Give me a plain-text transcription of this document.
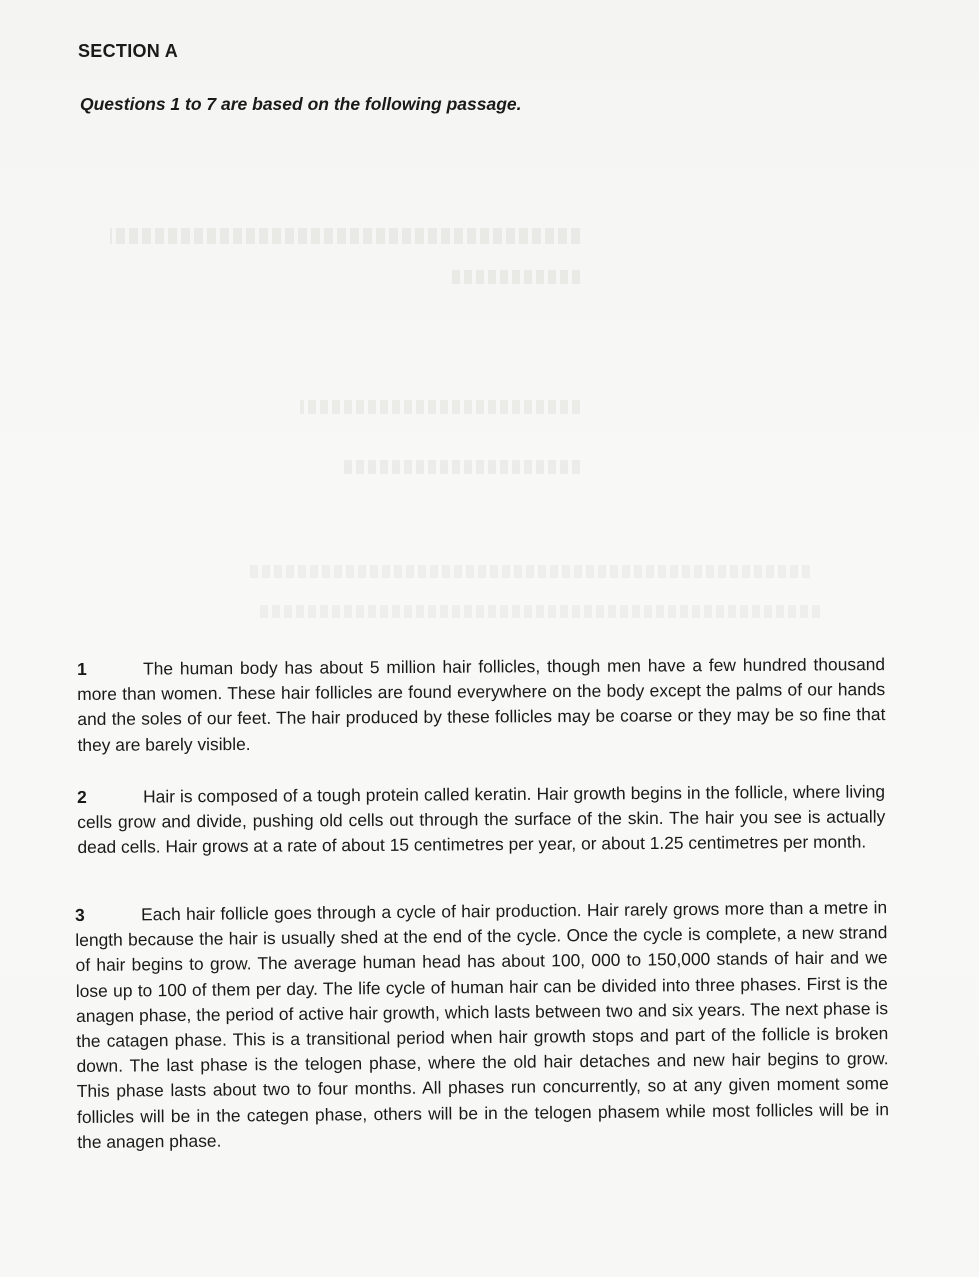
SECTION A
Questions 1 to 7 are based on the following passage.
1	The human body has about 5 million hair follicles, though men have a few hundred thousand more than women. These hair follicles are found everywhere on the body except the palms of our hands and the soles of our feet. The hair produced by these follicles may be coarse or they may be so fine that they are barely visible.
2	Hair is composed of a tough protein called keratin. Hair growth begins in the follicle, where living cells grow and divide, pushing old cells out through the surface of the skin. The hair you see is actually dead cells. Hair grows at a rate of about 15 centimetres per year, or about 1.25 centimetres per month.
3	Each hair follicle goes through a cycle of hair production. Hair rarely grows more than a metre in length because the hair is usually shed at the end of the cycle. Once the cycle is complete, a new strand of hair begins to grow. The average human head has about 100, 000 to 150,000 stands of hair and we lose up to 100 of them per day. The life cycle of human hair can be divided into three phases. First is the anagen phase, the period of active hair growth, which lasts between two and six years. The next phase is the catagen phase. This is a transitional period when hair growth stops and part of the follicle is broken down. The last phase is the telogen phase, where the old hair detaches and new hair begins to grow. This phase lasts about two to four months. All phases run concurrently, so at any given moment some follicles will be in the categen phase, others will be in the telogen phasem while most follicles will be in the anagen phase.
